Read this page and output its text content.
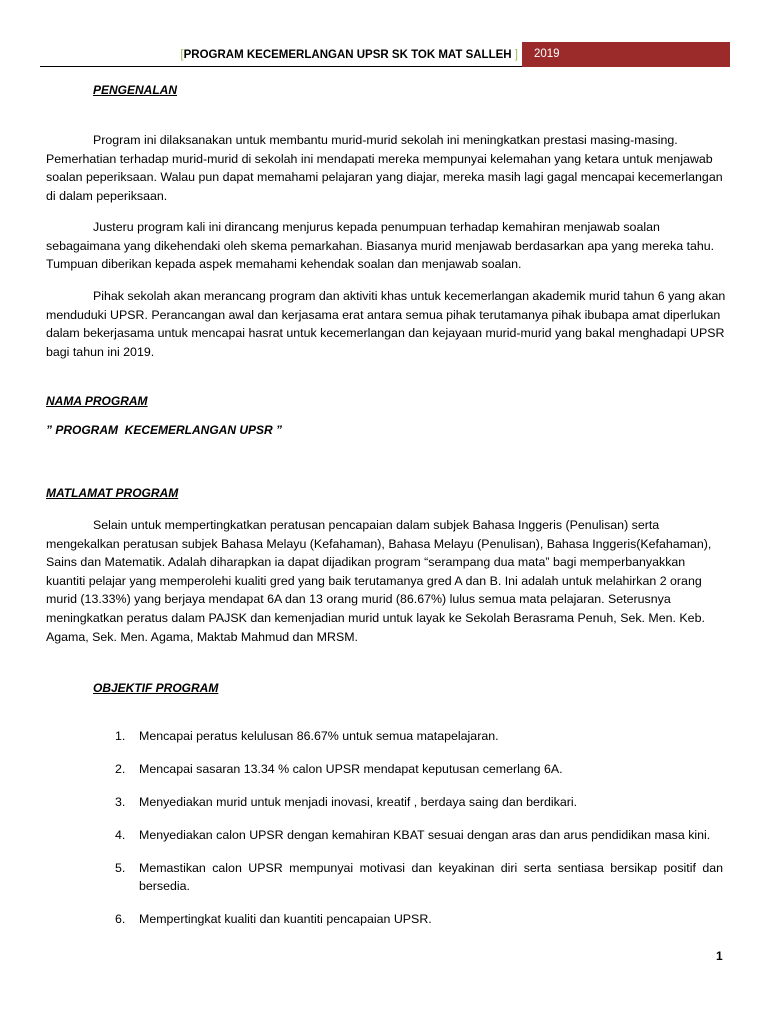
[PROGRAM KECEMERLANGAN UPSR SK TOK MAT SALLEH ]	2019
PENGENALAN

Program ini dilaksanakan untuk membantu murid-murid sekolah ini meningkatkan prestasi masing-masing. Pemerhatian terhadap murid-murid di sekolah ini mendapati mereka mempunyai kelemahan yang ketara untuk menjawab soalan peperiksaan. Walau pun dapat memahami pelajaran yang diajar, mereka masih lagi gagal mencapai kecemerlangan di dalam peperiksaan.

Justeru program kali ini dirancang menjurus kepada penumpuan terhadap kemahiran menjawab soalan sebagaimana yang dikehendaki oleh skema pemarkahan. Biasanya murid menjawab berdasarkan apa yang mereka tahu. Tumpuan diberikan kepada aspek memahami kehendak soalan dan menjawab soalan.

Pihak sekolah akan merancang program dan aktiviti khas untuk kecemerlangan akademik murid tahun 6 yang akan menduduki UPSR. Perancangan awal dan kerjasama erat antara semua pihak terutamanya pihak ibubapa amat diperlukan dalam bekerjasama untuk mencapai hasrat untuk kecemerlangan dan kejayaan murid-murid yang bakal menghadapi UPSR bagi tahun ini 2019.

NAMA PROGRAM
” PROGRAM  KECEMERLANGAN UPSR ”
MATLAMAT PROGRAM

Selain untuk mempertingkatkan peratusan pencapaian dalam subjek Bahasa Inggeris (Penulisan) serta mengekalkan peratusan subjek Bahasa Melayu (Kefahaman), Bahasa Melayu (Penulisan), Bahasa Inggeris(Kefahaman), Sains dan Matematik. Adalah diharapkan ia dapat dijadikan program “serampang dua mata” bagi memperbanyakkan kuantiti pelajar yang memperolehi kualiti gred yang baik terutamanya gred A dan B. Ini adalah untuk melahirkan 2 orang murid (13.33%) yang berjaya mendapat 6A dan 13 orang murid (86.67%) lulus semua mata pelajaran. Seterusnya meningkatkan peratus dalam PAJSK dan kemenjadian murid untuk layak ke Sekolah Berasrama Penuh, Sek. Men. Keb. Agama, Sek. Men. Agama, Maktab Mahmud dan MRSM.

OBJEKTIF PROGRAM
1. Mencapai peratus kelulusan 86.67% untuk semua matapelajaran.
2. Mencapai sasaran 13.34 % calon UPSR mendapat keputusan cemerlang 6A.
3. Menyediakan murid untuk menjadi inovasi, kreatif , berdaya saing dan berdikari.
4. Menyediakan calon UPSR dengan kemahiran KBAT sesuai dengan aras dan arus pendidikan masa kini.
5. Memastikan calon UPSR mempunyai motivasi dan keyakinan diri serta sentiasa bersikap positif dan bersedia.
6. Mempertingkat kualiti dan kuantiti pencapaian UPSR.
1
